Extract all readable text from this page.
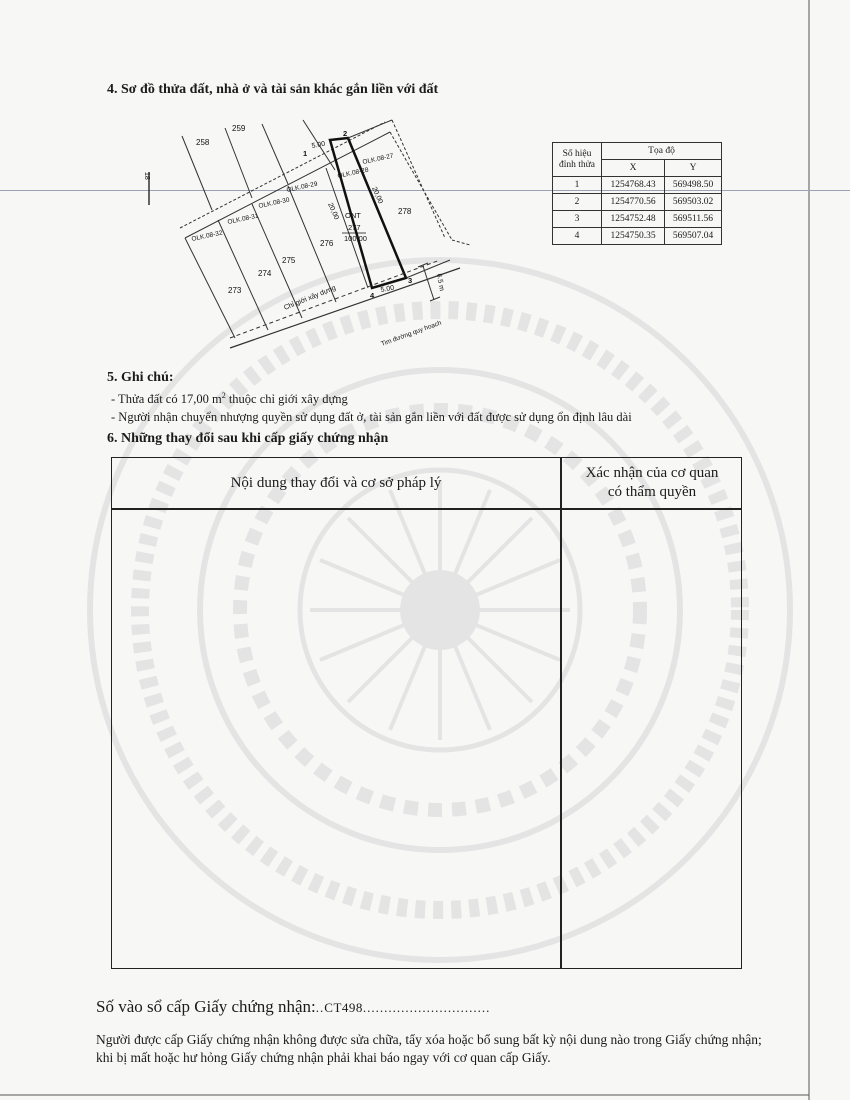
4. Sơ đồ thửa đất, nhà ở và tài sản khác gắn liền với đất
258
259
278
276
275
274
273
OLK.08-27
OLK.08-28
OLK.08-29
OLK.08-30
OLK.08-31
OLK.08-32
ONT
277
100,00
5.00
20,00
20,00
5.00
1
2
3
4
18
6.5 m
Chỉ giới xây dựng
Tim đường quy hoạch
Số hiệu đỉnh thửa	Tọa độ	
	X	Y
1	1254768.43	569498.50
2	1254770.56	569503.02
3	1254752.48	569511.56
4	1254750.35	569507.04
5. Ghi chú:
- Thửa đất có 17,00 $m^2$ thuộc chỉ giới xây dựng
- Người nhận chuyển nhượng quyền sử dụng đất ở, tài sản gắn liền với đất được sử dụng ổn định lâu dài
6. Những thay đổi sau khi cấp giấy chứng nhận
Nội dung thay đổi và cơ sở pháp lý
Xác nhận của cơ quan
có thẩm quyền
Số vào sổ cấp Giấy chứng nhận:..CT498..............................
Người được cấp Giấy chứng nhận không được sửa chữa, tẩy xóa hoặc bổ sung bất kỳ nội dung nào trong Giấy chứng nhận; khi bị mất hoặc hư hỏng Giấy chứng nhận phải khai báo ngay với cơ quan cấp Giấy.
